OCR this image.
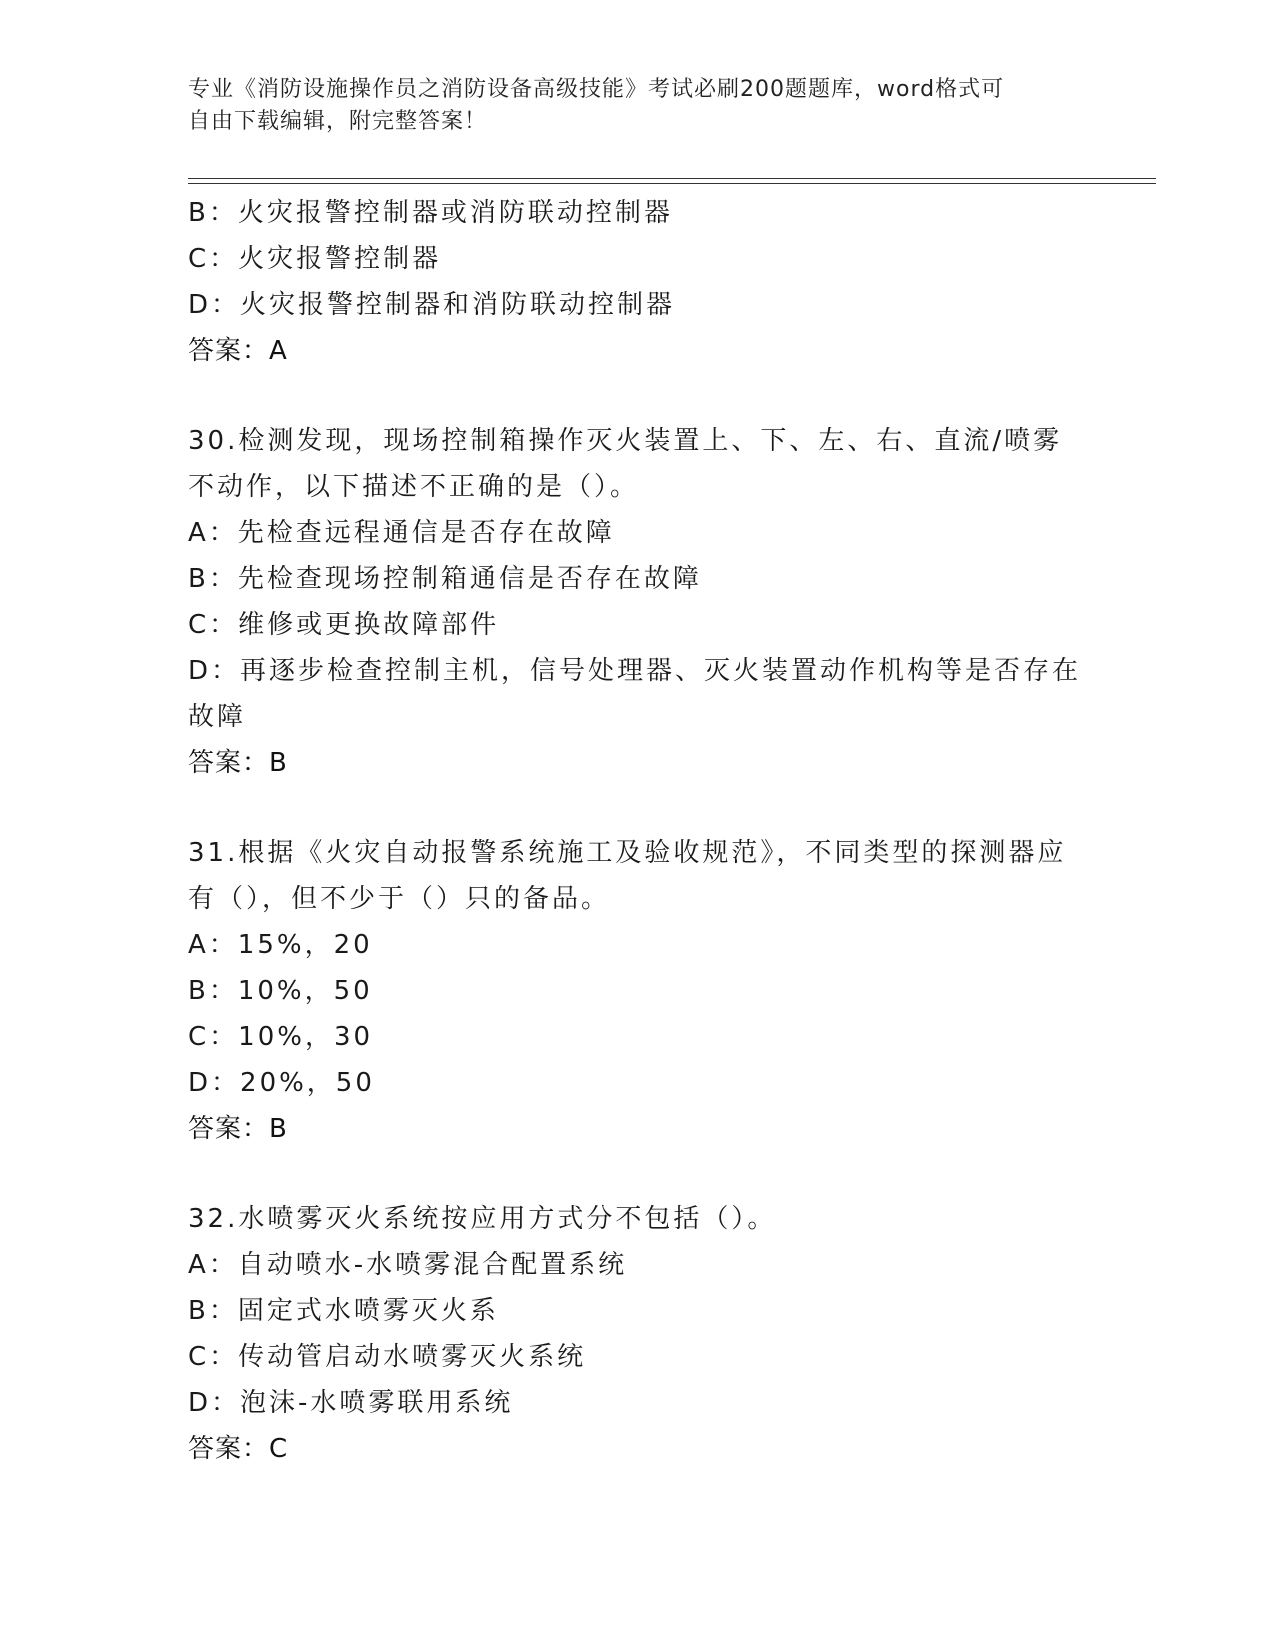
专业《消防设施操作员之消防设备高级技能》考试必刷200题题库，word格式可
自由下载编辑，附完整答案！
B：火灾报警控制器或消防联动控制器
C：火灾报警控制器
D：火灾报警控制器和消防联动控制器
答案：A
30.检测发现，现场控制箱操作灭火装置上、下、左、右、直流/喷雾
不动作，以下描述不正确的是（）。
A：先检查远程通信是否存在故障
B：先检查现场控制箱通信是否存在故障
C：维修或更换故障部件
D：再逐步检查控制主机，信号处理器、灭火装置动作机构等是否存在
故障
答案：B
31.根据《火灾自动报警系统施工及验收规范》，不同类型的探测器应
有（），但不少于（）只的备品。
A：15%，20
B：10%，50
C：10%，30
D：20%，50
答案：B
32.水喷雾灭火系统按应用方式分不包括（）。
A：自动喷水-水喷雾混合配置系统
B：固定式水喷雾灭火系
C：传动管启动水喷雾灭火系统
D：泡沫-水喷雾联用系统
答案：C
